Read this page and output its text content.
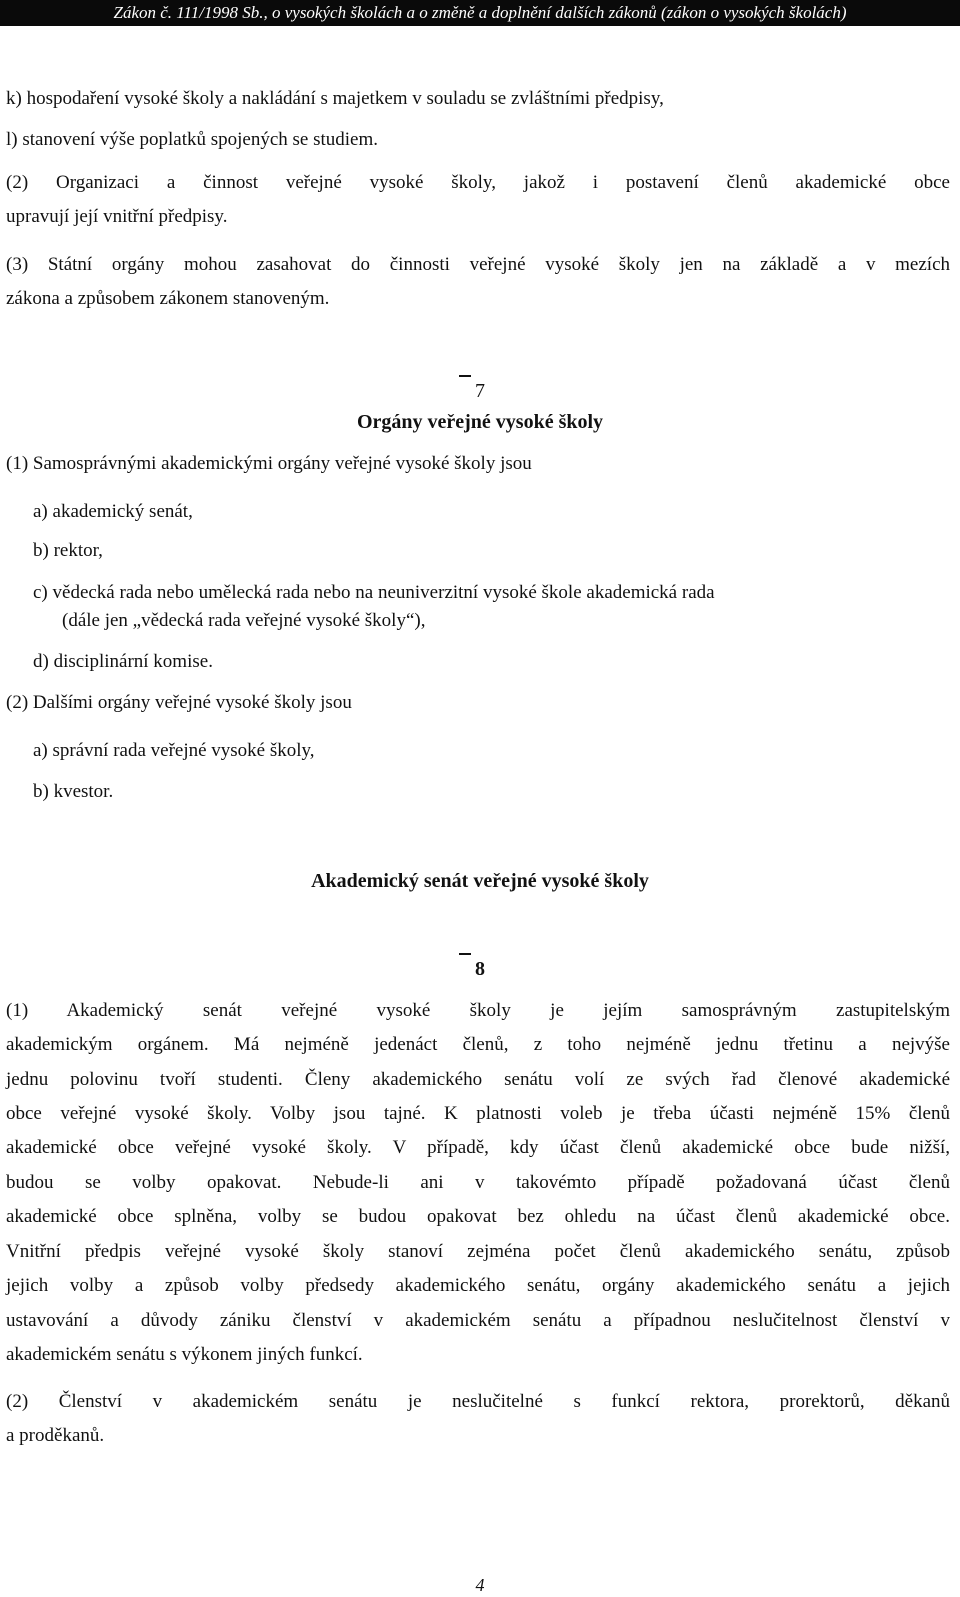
Zákon č. 111/1998 Sb., o vysokých školách a o změně a doplnění dalších zákonů (zákon o vysokých školách)
k) hospodaření vysoké školy a nakládání s majetkem v souladu se zvláštními předpisy,
l) stanovení výše poplatků spojených se studiem.
(2) Organizaci a činnost veřejné vysoké školy, jakož i postavení členů akademické obce
upravují její vnitřní předpisy.
(3) Státní orgány mohou zasahovat do činnosti veřejné vysoké školy jen na základě a v mezích
zákona a způsobem zákonem stanoveným.
7
Orgány veřejné vysoké školy
(1) Samosprávnými akademickými orgány veřejné vysoké školy jsou
a) akademický senát,
b) rektor,
c) vědecká rada nebo umělecká rada nebo na neuniverzitní vysoké škole akademická rada
(dále jen „vědecká rada veřejné vysoké školy“),
d) disciplinární komise.
(2) Dalšími orgány veřejné vysoké školy jsou
a) správní rada veřejné vysoké školy,
b) kvestor.
Akademický senát veřejné vysoké školy
8
(1) Akademický senát veřejné vysoké školy je jejím samosprávným zastupitelským
akademickým orgánem. Má nejméně jedenáct členů, z toho nejméně jednu třetinu a nejvýše
jednu polovinu tvoří studenti. Členy akademického senátu volí ze svých řad členové akademické
obce veřejné vysoké školy. Volby jsou tajné. K platnosti voleb je třeba účasti nejméně 15% členů
akademické obce veřejné vysoké školy. V případě, kdy účast členů akademické obce bude nižší,
budou se volby opakovat. Nebude-li ani v takovémto případě požadovaná účast členů
akademické obce splněna, volby se budou opakovat bez ohledu na účast členů akademické obce.
Vnitřní předpis veřejné vysoké školy stanoví zejména počet členů akademického senátu, způsob
jejich volby a způsob volby předsedy akademického senátu, orgány akademického senátu a jejich
ustavování a důvody zániku členství v akademickém senátu a případnou neslučitelnost členství v
akademickém senátu s výkonem jiných funkcí.
(2) Členství v akademickém senátu je neslučitelné s funkcí rektora, prorektorů, děkanů
a proděkanů.
4
